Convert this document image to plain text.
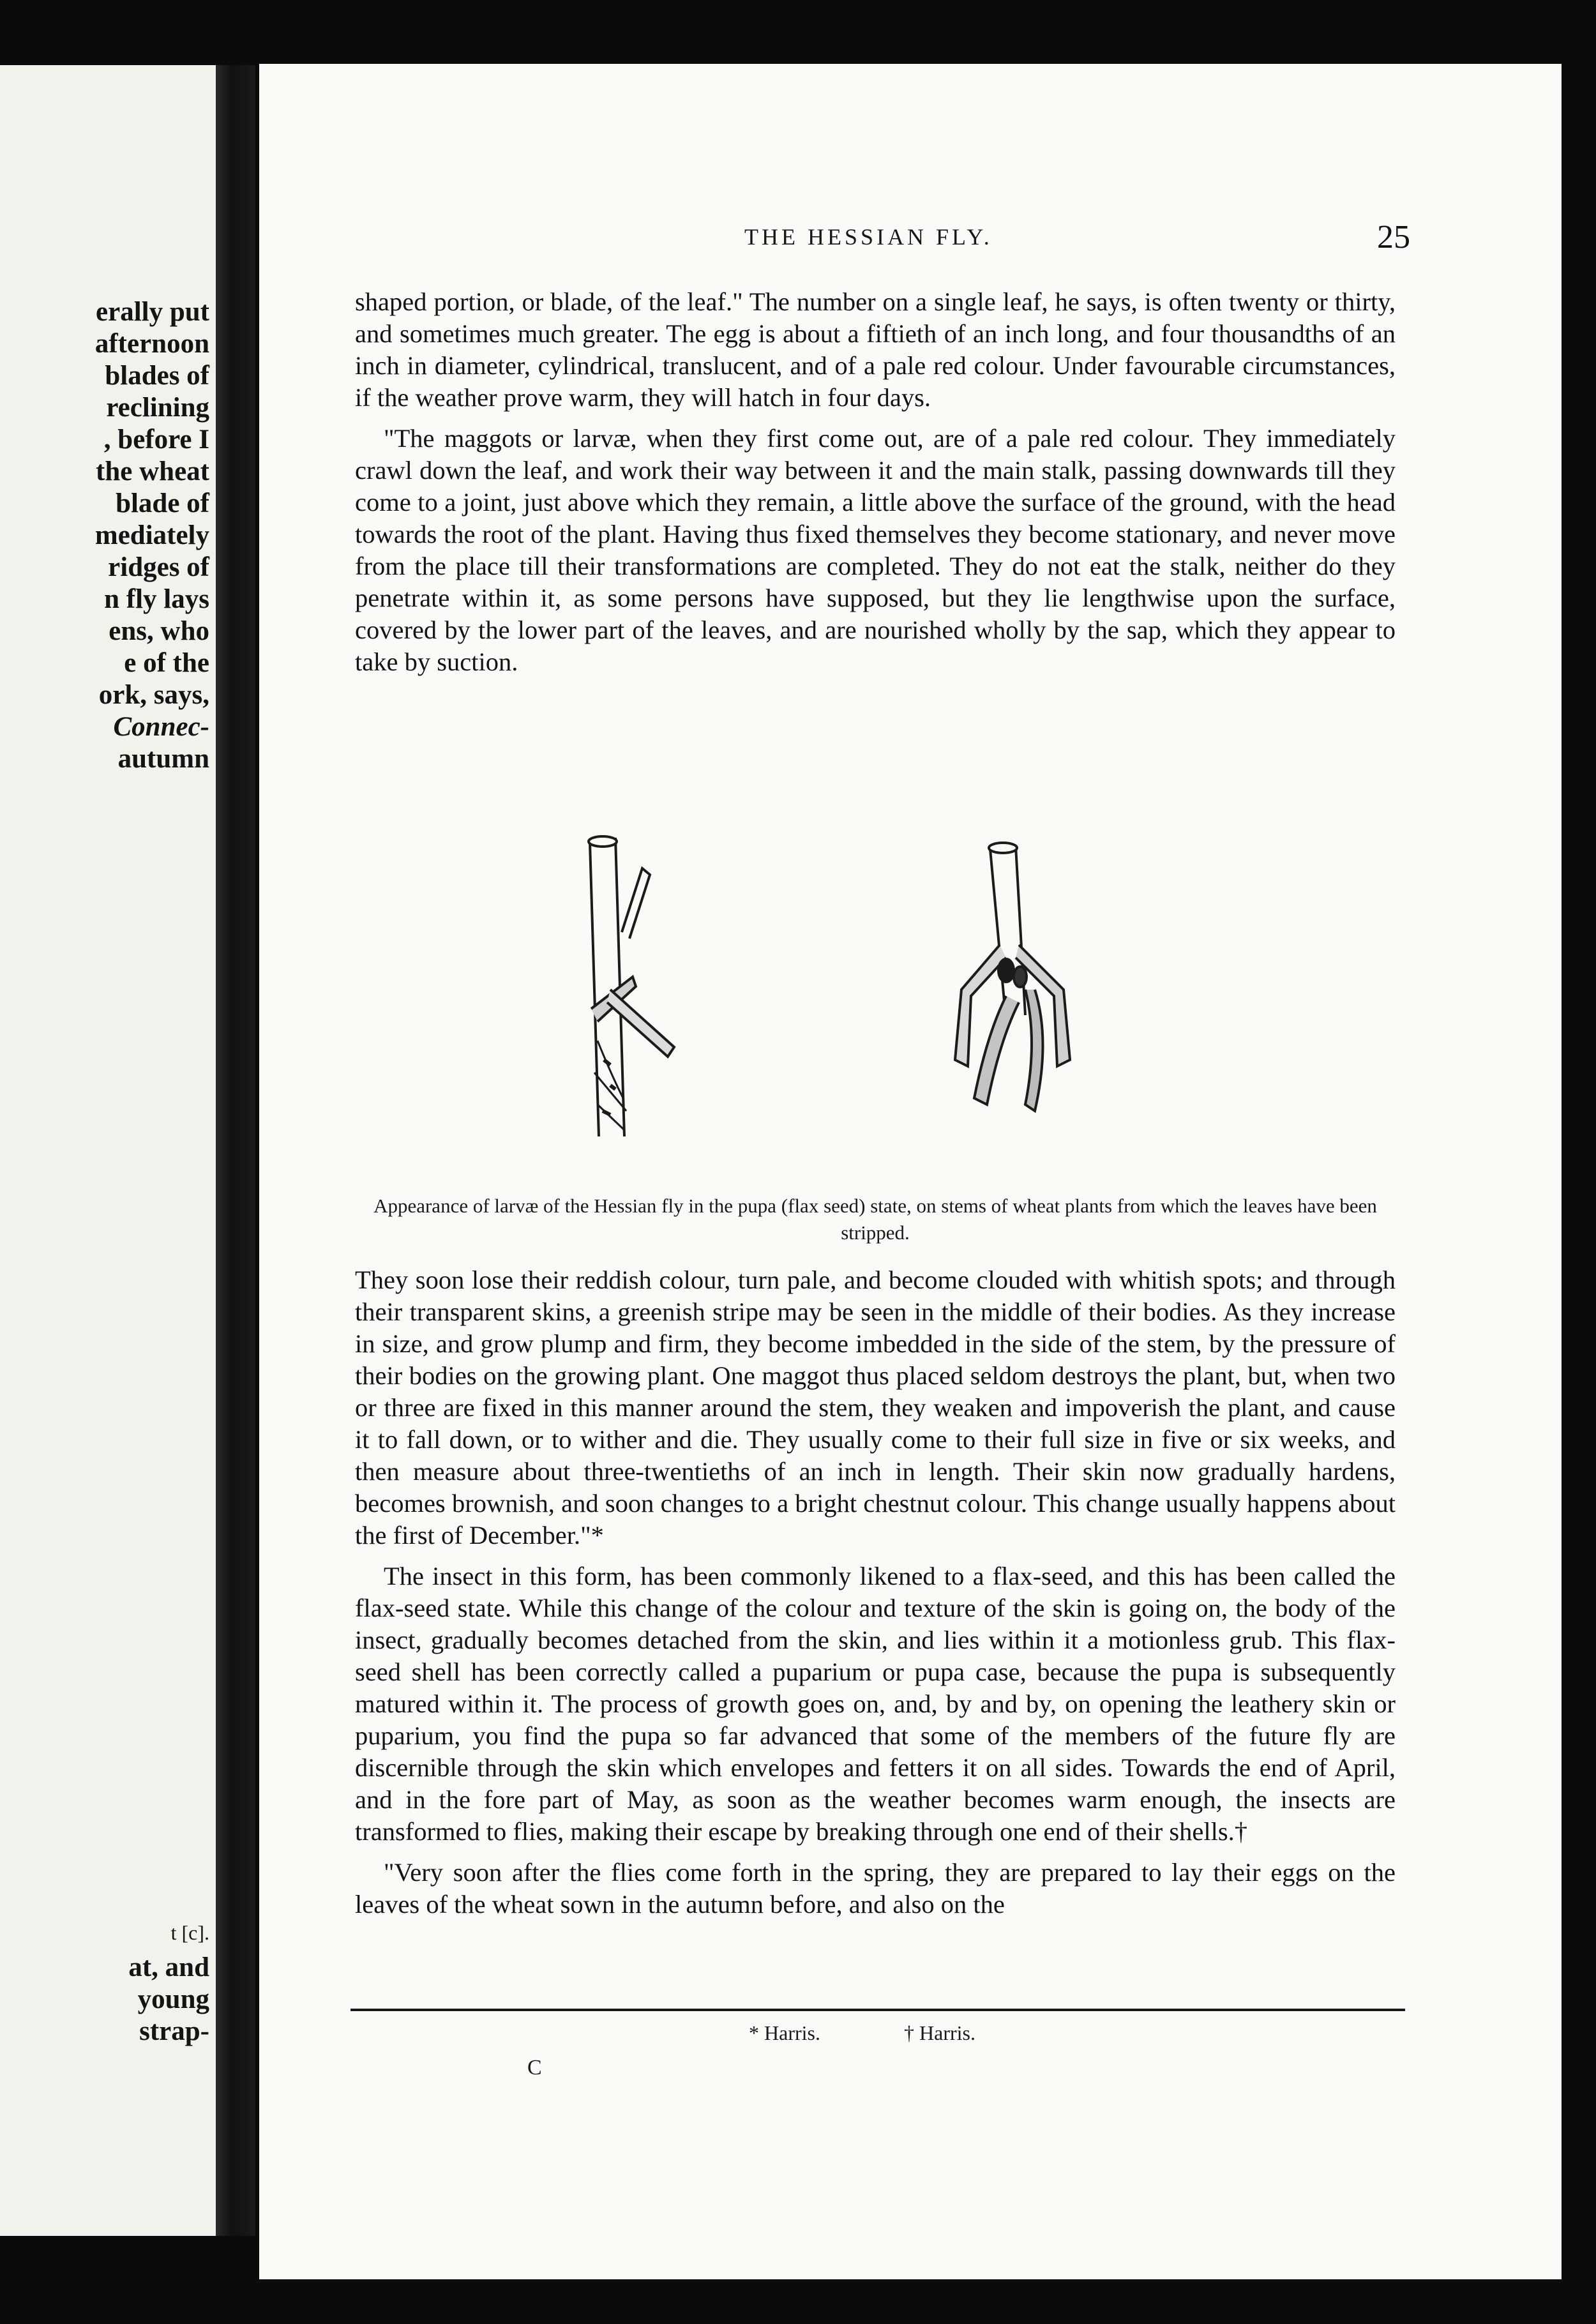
erally put
afternoon
blades of
reclining
, before I
the wheat
blade of
mediately
ridges of
n fly lays
ens, who
e of the
ork, says,
Connec-
autumn
t [c].
at, and
young
strap-
THE HESSIAN FLY.	25

shaped portion, or blade, of the leaf." The number on a single leaf, he says, is often twenty or thirty, and sometimes much greater. The egg is about a fiftieth of an inch long, and four thousandths of an inch in diameter, cylindrical, translucent, and of a pale red colour. Under favourable circumstances, if the weather prove warm, they will hatch in four days.

"The maggots or larvæ, when they first come out, are of a pale red colour. They immediately crawl down the leaf, and work their way between it and the main stalk, passing downwards till they come to a joint, just above which they remain, a little above the surface of the ground, with the head towards the root of the plant. Having thus fixed themselves they become stationary, and never move from the place till their transformations are completed. They do not eat the stalk, neither do they penetrate within it, as some persons have supposed, but they lie lengthwise upon the surface, covered by the lower part of the leaves, and are nourished wholly by the sap, which they appear to take by suction.

Appearance of larvæ of the Hessian fly in the pupa (flax seed) state, on stems of wheat plants from which the leaves have been stripped.

They soon lose their reddish colour, turn pale, and become clouded with whitish spots; and through their transparent skins, a greenish stripe may be seen in the middle of their bodies. As they increase in size, and grow plump and firm, they become imbedded in the side of the stem, by the pressure of their bodies on the growing plant. One maggot thus placed seldom destroys the plant, but, when two or three are fixed in this manner around the stem, they weaken and impoverish the plant, and cause it to fall down, or to wither and die. They usually come to their full size in five or six weeks, and then measure about three-twentieths of an inch in length. Their skin now gradually hardens, becomes brownish, and soon changes to a bright chestnut colour. This change usually happens about the first of December."*

The insect in this form, has been commonly likened to a flax-seed, and this has been called the flax-seed state. While this change of the colour and texture of the skin is going on, the body of the insect, gradually becomes detached from the skin, and lies within it a motionless grub. This flax-seed shell has been correctly called a puparium or pupa case, because the pupa is subsequently matured within it. The process of growth goes on, and, by and by, on opening the leathery skin or puparium, you find the pupa so far advanced that some of the members of the future fly are discernible through the skin which envelopes and fetters it on all sides. Towards the end of April, and in the fore part of May, as soon as the weather becomes warm enough, the insects are transformed to flies, making their escape by breaking through one end of their shells.†

"Very soon after the flies come forth in the spring, they are prepared to lay their eggs on the leaves of the wheat sown in the autumn before, and also on the

* Harris.	† Harris.
C
